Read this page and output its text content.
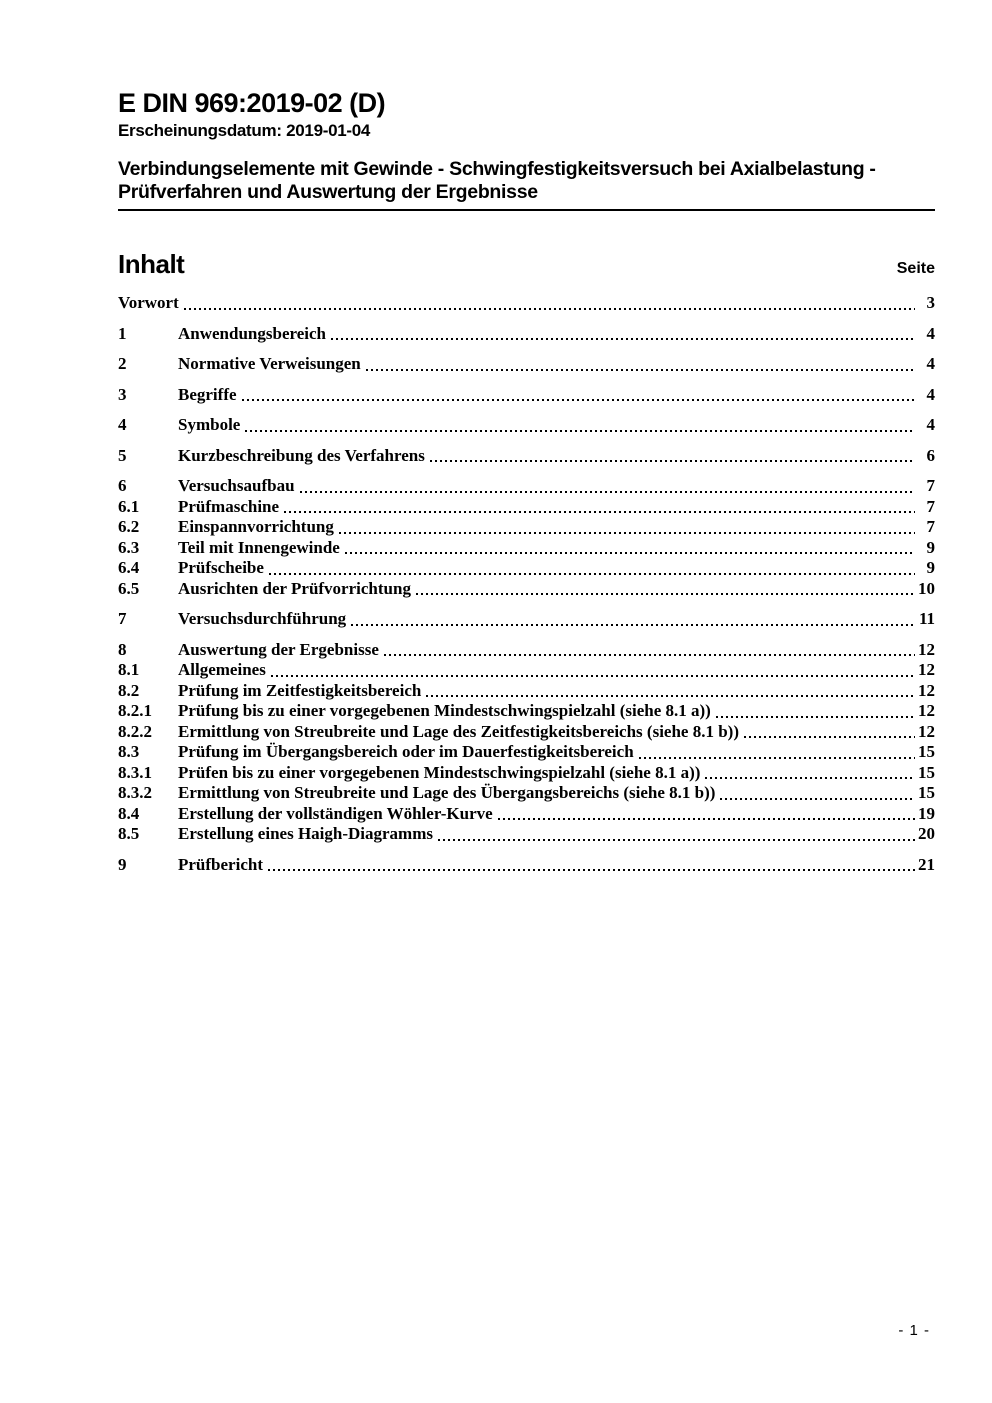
E DIN 969:2019-02 (D)
Erscheinungsdatum: 2019-01-04
Verbindungselemente mit Gewinde - Schwingfestigkeitsversuch bei Axialbelastung -
Prüfverfahren und Auswertung der Ergebnisse
Inhalt	Seite
Vorwort	3
1	Anwendungsbereich	4
2	Normative Verweisungen	4
3	Begriffe	4
4	Symbole	4
5	Kurzbeschreibung des Verfahrens	6
6	Versuchsaufbau	7
6.1	Prüfmaschine	7
6.2	Einspannvorrichtung	7
6.3	Teil mit Innengewinde	9
6.4	Prüfscheibe	9
6.5	Ausrichten der Prüfvorrichtung	10
7	Versuchsdurchführung	11
8	Auswertung der Ergebnisse	12
8.1	Allgemeines	12
8.2	Prüfung im Zeitfestigkeitsbereich	12
8.2.1	Prüfung bis zu einer vorgegebenen Mindestschwingspielzahl (siehe 8.1 a))	12
8.2.2	Ermittlung von Streubreite und Lage des Zeitfestigkeitsbereichs (siehe 8.1 b))	12
8.3	Prüfung im Übergangsbereich oder im Dauerfestigkeitsbereich	15
8.3.1	Prüfen bis zu einer vorgegebenen Mindestschwingspielzahl (siehe 8.1 a))	15
8.3.2	Ermittlung von Streubreite und Lage des Übergangsbereichs (siehe 8.1 b))	15
8.4	Erstellung der vollständigen Wöhler-Kurve	19
8.5	Erstellung eines Haigh-Diagramms	20
9	Prüfbericht	21
- 1 -
